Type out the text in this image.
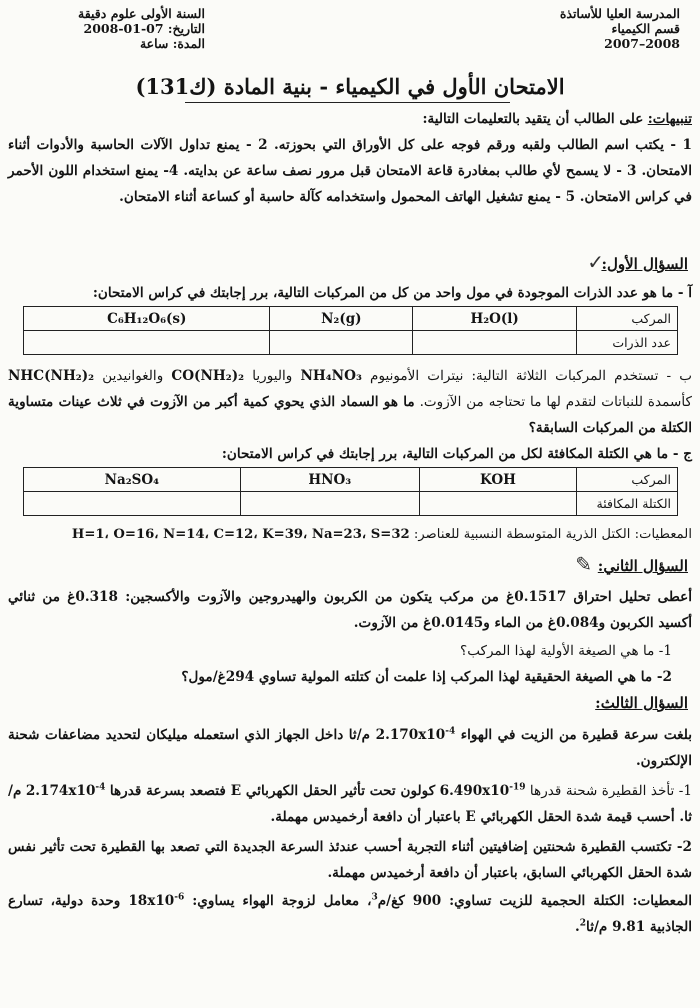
المدرسة العليا للأساتذة
قسم الكيمياء
2007–2008
السنة الأولى علوم دقيقة
التاريخ: 07-01-2008
المدة: ساعة
الامتحان الأول في الكيمياء - بنية المادة (ك131)
تنبيهات: على الطالب أن يتقيد بالتعليمات التالية:
1 - يكتب اسم الطالب ولقبه ورقم فوجه على كل الأوراق التي بحوزته. 2 - يمنع تداول الآلات الحاسبة والأدوات أثناء الامتحان. 3 - لا يسمح لأي طالب بمغادرة قاعة الامتحان قبل مرور نصف ساعة عن بدايته. 4- يمنع استخدام اللون الأحمر في كراس الامتحان. 5 - يمنع تشغيل الهاتف المحمول واستخدامه كآلة حاسبة أو كساعة أثناء الامتحان.
السؤال الأول:
✓
آ - ما هو عدد الذرات الموجودة في مول واحد من كل من المركبات التالية، برر إجابتك في كراس الامتحان:
المركب	H₂O(l)	N₂(g)	C₆H₁₂O₆(s)
عدد الذرات			
ب - تستخدم المركبات الثلاثة التالية: نيترات الأمونيوم NH₄NO₃ واليوريا CO(NH₂)₂ والغوانيدين NHC(NH₂)₂ كأسمدة للنباتات لتقدم لها ما تحتاجه من الآزوت. ما هو السماد الذي يحوي كمية أكبر من الآزوت في ثلاث عينات متساوية الكتلة من المركبات السابقة؟
ج - ما هي الكتلة المكافئة لكل من المركبات التالية، برر إجابتك في كراس الامتحان:
المركب	KOH	HNO₃	Na₂SO₄
الكتلة المكافئة			
المعطيات: الكتل الذرية المتوسطة النسبية للعناصر: H=1، O=16، N=14، C=12، K=39، Na=23، S=32
السؤال الثاني:
✎
أعطى تحليل احتراق 0.1517غ من مركب يتكون من الكربون والهيدروجين والآزوت والأكسجين: 0.318غ من ثنائي أكسيد الكربون و0.084غ من الماء و0.0145غ من الآزوت.
1- ما هي الصيغة الأولية لهذا المركب؟
2- ما هي الصيغة الحقيقية لهذا المركب إذا علمت أن كتلته المولية تساوي 294غ/مول؟
السؤال الثالث:
بلغت سرعة قطيرة من الزيت في الهواء $2.170x10^{-4}$ م/ثا داخل الجهاز الذي استعمله ميليكان لتحديد مضاعفات شحنة الإلكترون.
1- تأخذ القطيرة شحنة قدرها $6.490x10^{-19}$ كولون تحت تأثير الحقل الكهربائي E فتصعد بسرعة قدرها $2.174x10^{-4}$ م/ثا. أحسب قيمة شدة الحقل الكهربائي E باعتبار أن دافعة أرخميدس مهملة.
2- تكتسب القطيرة شحنتين إضافيتين أثناء التجربة أحسب عندئذ السرعة الجديدة التي تصعد بها القطيرة تحت تأثير نفس شدة الحقل الكهربائي السابق، باعتبار أن دافعة أرخميدس مهملة.
المعطيات: الكتلة الحجمية للزيت تساوي: 900 كغ/م$^3$، معامل لزوجة الهواء يساوي: $18x10^{-6}$ وحدة دولية، تسارع الجاذبية 9.81 م/ثا$^2$.
